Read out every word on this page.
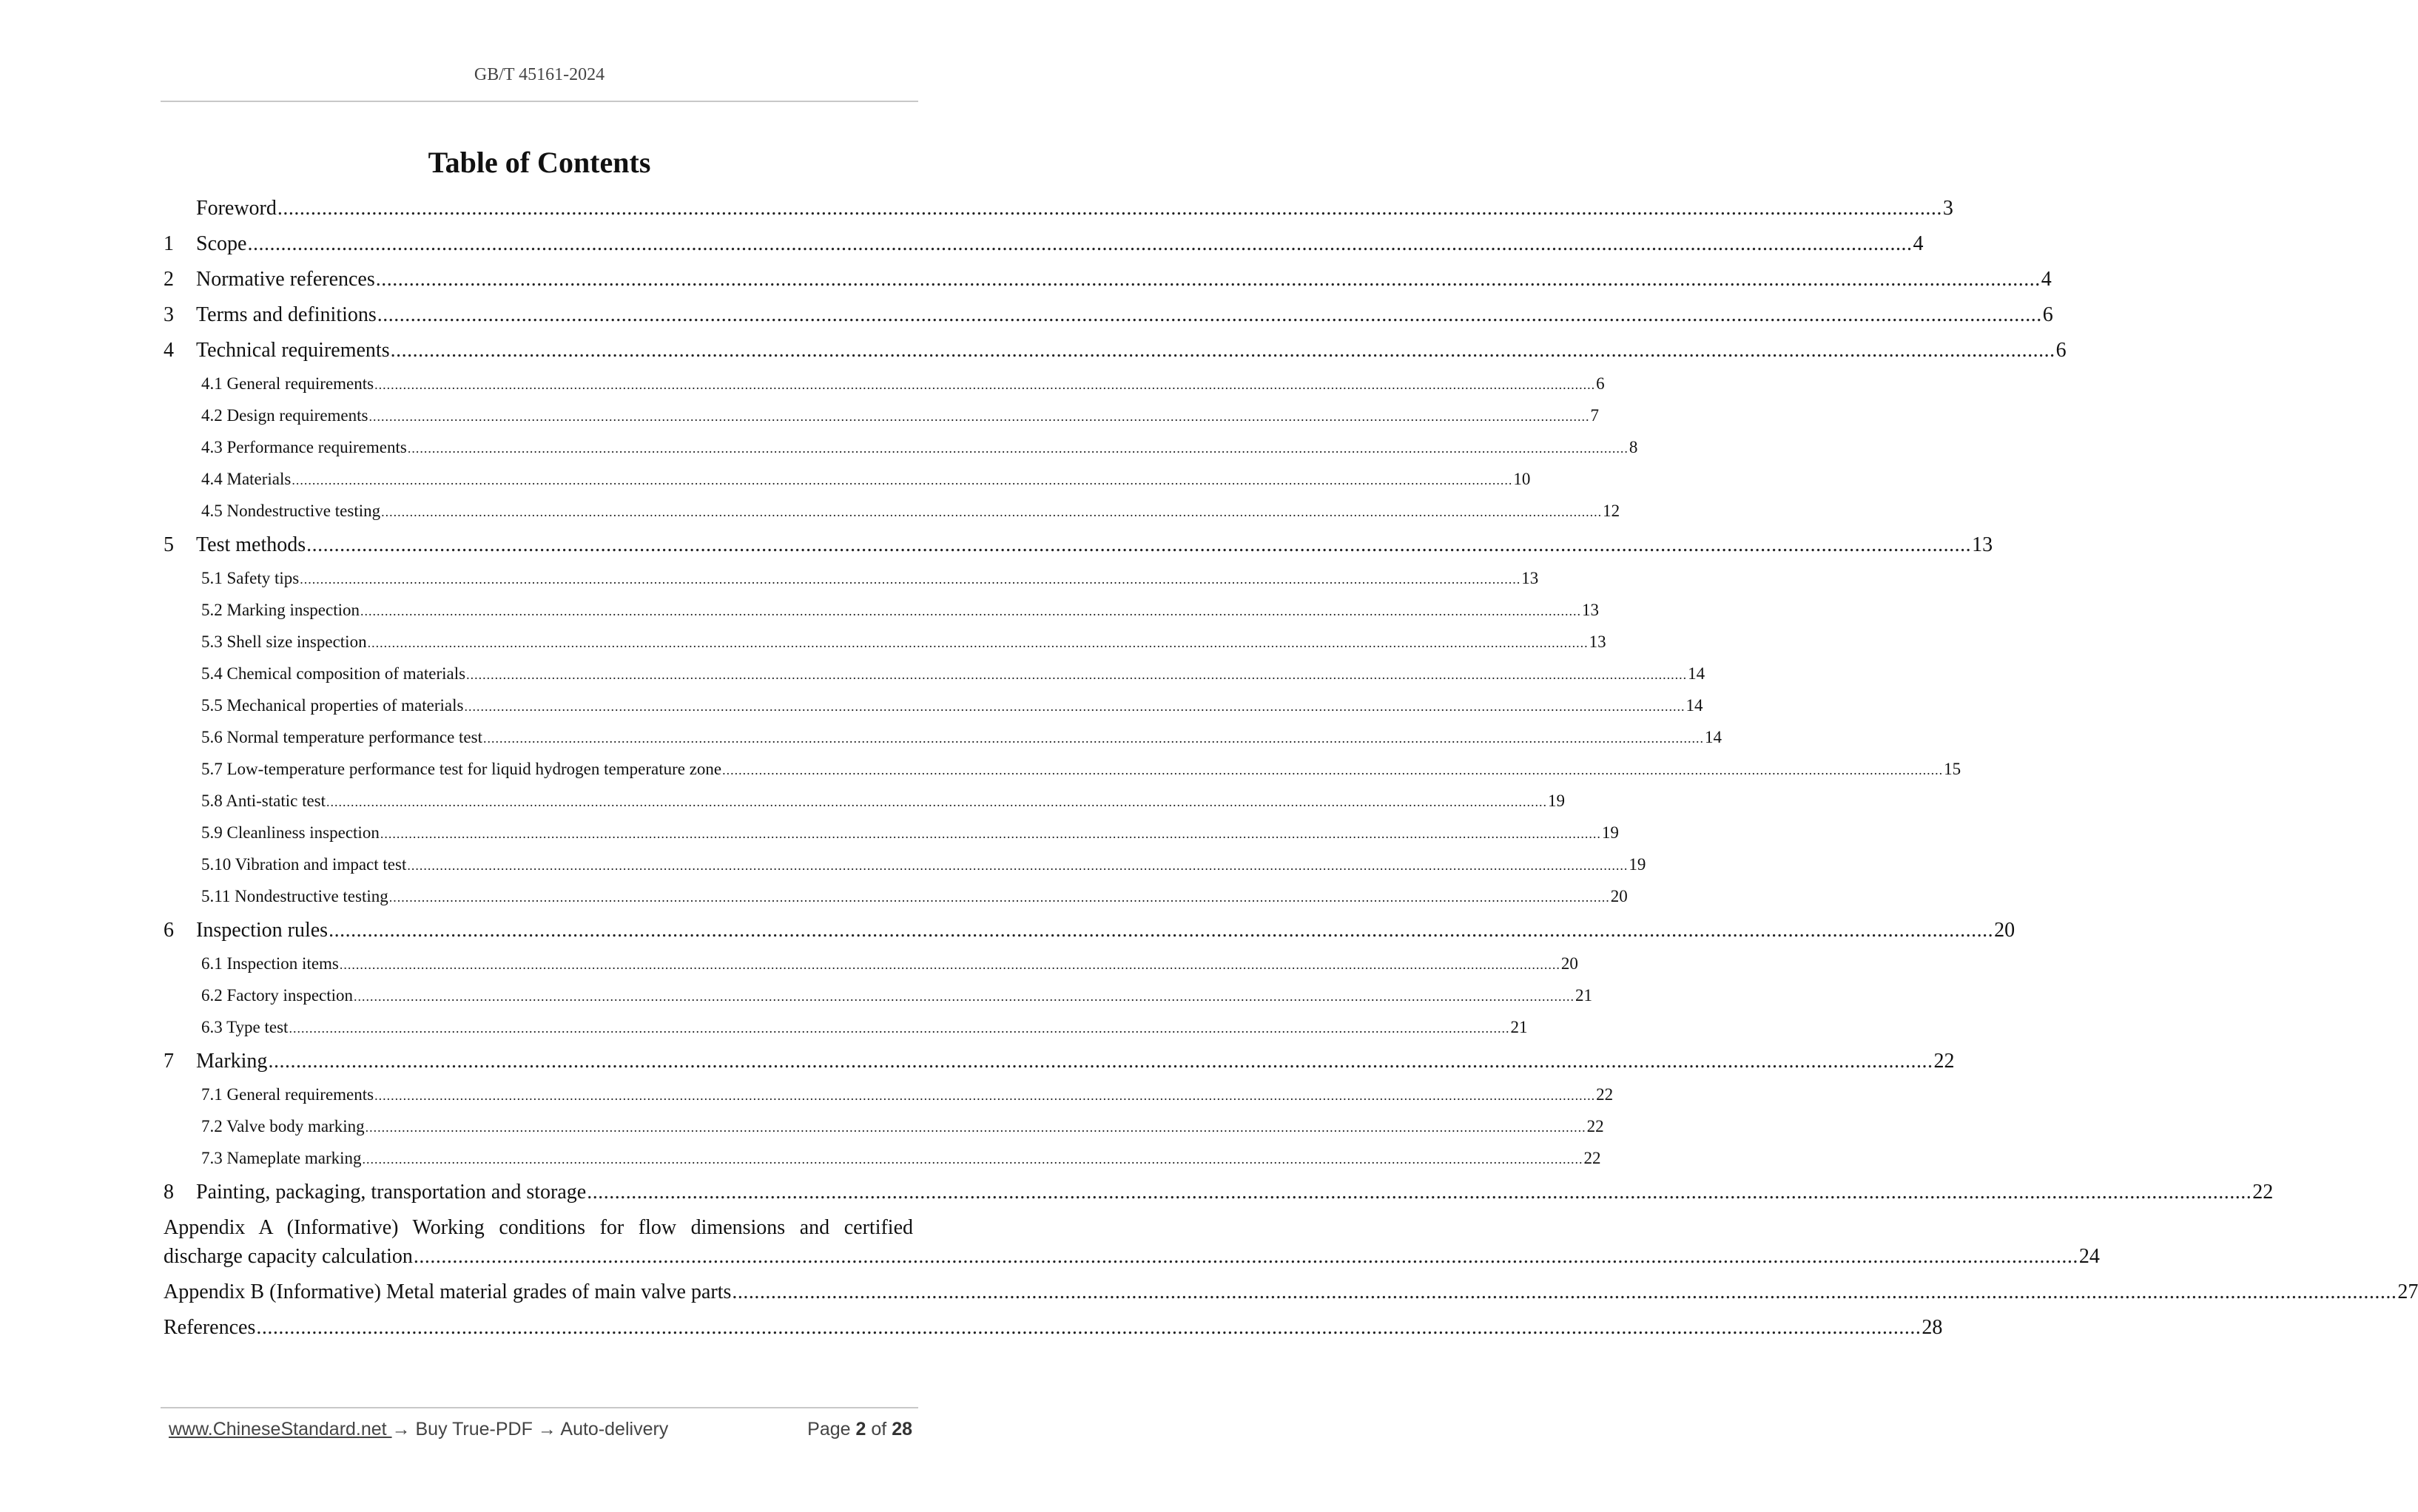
GB/T 45161-2024
Table of Contents
Foreword ............................................................................................................................................................................................................................................................................................................ 3
1	Scope ............................................................................................................................................................................................................................................................................................................ 4
2	Normative references ............................................................................................................................................................................................................................................................................................................ 4
3	Terms and definitions ............................................................................................................................................................................................................................................................................................................ 6
4	Technical requirements ............................................................................................................................................................................................................................................................................................................ 6
4.1 General requirements ............................................................................................................................................................................................................................................................................................................ 6
4.2 Design requirements ............................................................................................................................................................................................................................................................................................................ 7
4.3 Performance requirements ............................................................................................................................................................................................................................................................................................................ 8
4.4 Materials ............................................................................................................................................................................................................................................................................................................ 10
4.5 Nondestructive testing ............................................................................................................................................................................................................................................................................................................ 12
5	Test methods ............................................................................................................................................................................................................................................................................................................ 13
5.1 Safety tips ............................................................................................................................................................................................................................................................................................................ 13
5.2 Marking inspection ............................................................................................................................................................................................................................................................................................................ 13
5.3 Shell size inspection ............................................................................................................................................................................................................................................................................................................ 13
5.4 Chemical composition of materials ............................................................................................................................................................................................................................................................................................................ 14
5.5 Mechanical properties of materials ............................................................................................................................................................................................................................................................................................................ 14
5.6 Normal temperature performance test ............................................................................................................................................................................................................................................................................................................ 14
5.7 Low-temperature performance test for liquid hydrogen temperature zone ............................................................................................................................................................................................................................................................................................................ 15
5.8 Anti-static test ............................................................................................................................................................................................................................................................................................................ 19
5.9 Cleanliness inspection ............................................................................................................................................................................................................................................................................................................ 19
5.10 Vibration and impact test ............................................................................................................................................................................................................................................................................................................ 19
5.11 Nondestructive testing ............................................................................................................................................................................................................................................................................................................ 20
6	Inspection rules ............................................................................................................................................................................................................................................................................................................ 20
6.1 Inspection items ............................................................................................................................................................................................................................................................................................................ 20
6.2 Factory inspection ............................................................................................................................................................................................................................................................................................................ 21
6.3 Type test ............................................................................................................................................................................................................................................................................................................ 21
7	Marking ............................................................................................................................................................................................................................................................................................................ 22
7.1 General requirements ............................................................................................................................................................................................................................................................................................................ 22
7.2 Valve body marking ............................................................................................................................................................................................................................................................................................................ 22
7.3 Nameplate marking ............................................................................................................................................................................................................................................................................................................ 22
8	Painting, packaging, transportation and storage ............................................................................................................................................................................................................................................................................................................ 22
Appendix A (Informative) Working conditions for flow dimensions and certified
discharge capacity calculation ............................................................................................................................................................................................................................................................................................................ 24
Appendix B (Informative) Metal material grades of main valve parts ............................................................................................................................................................................................................................................................................................................ 27
References ............................................................................................................................................................................................................................................................................................................ 28
www.ChineseStandard.net → Buy True-PDF → Auto-delivery	Page 2 of 28
